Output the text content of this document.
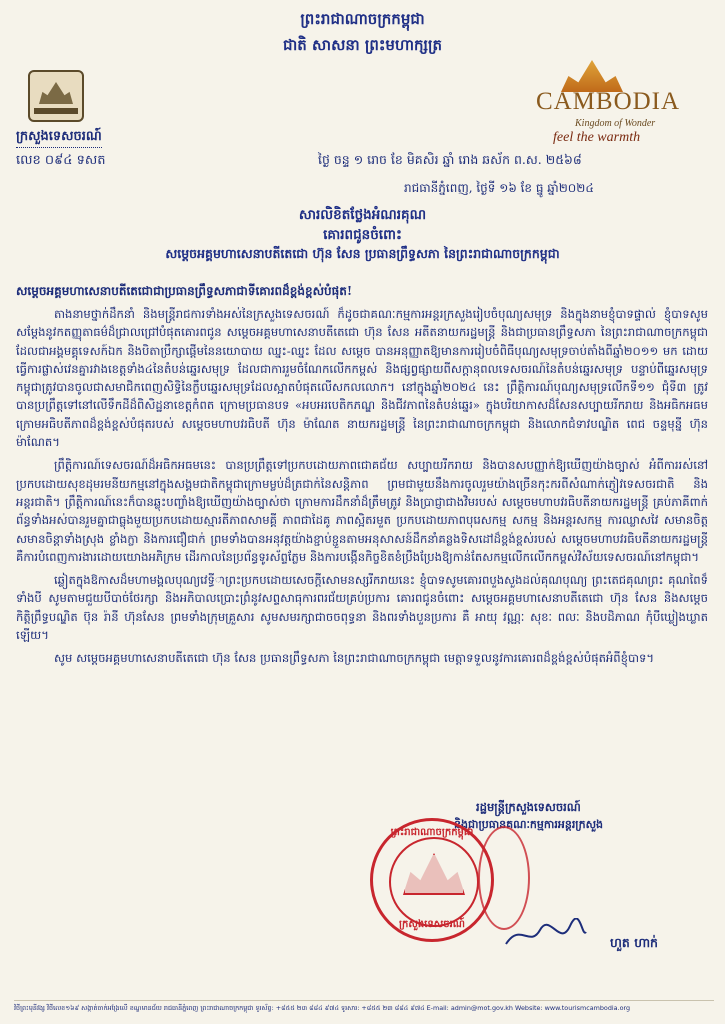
ព្រះរាជាណាចក្រកម្ពុជា
ជាតិ សាសនា ព្រះមហាក្សត្រ
CAMBODIA
Kingdom of Wonder
feel the warmth
ក្រសួងទេសចរណ៍
លេខ ០៩៤ ទសត	ថ្ងៃ ចន្ទ ១ រោច ខែ មិគសិរ ឆ្នាំ រោង ឆស័ក ព.ស. ២៥៦៨
រាជធានីភ្នំពេញ, ថ្ងៃទី ១៦ ខែ ធ្នូ ឆ្នាំ២០២៤
សារលិខិតថ្លែងអំណរគុណ
គោរពជូនចំពោះ
សម្តេចអគ្គមហាសេនាបតីតេជោ ហ៊ុន សែន ប្រធានព្រឹទ្ធសភា នៃព្រះរាជាណាចក្រកម្ពុជា
សម្តេចអគ្គមហាសេនាបតីតេជោជាប្រធានព្រឹទ្ធសភាជាទីគោរពដ៏ខ្ពង់ខ្ពស់បំផុត!

តាងនាមថ្នាក់ដឹកនាំ និងមន្ត្រីរាជការទាំងអស់នៃក្រសួងទេសចរណ៍ ក៏ដូចជាគណៈកម្មការអន្តរក្រសួងរៀបចំបុណ្យសមុទ្រ និងក្នុងនាមខ្ញុំបាទផ្ទាល់ ខ្ញុំបាទសូមសម្តែងនូវកតញ្ញុតាធម៌ដ៏ជ្រាលជ្រៅបំផុតគោរពជូន សម្តេចអគ្គមហាសេនាបតីតេជោ ហ៊ុន សែន អតីតនាយករដ្ឋមន្ត្រី និងជាប្រធានព្រឹទ្ធសភា នៃព្រះរាជាណាចក្រកម្ពុជា ដែលជាអង្គមគ្គុទេសក៍ឯក និងបិតាប្រឹក្សាផ្តើមនៃនយោបាយ ឈ្នះ-ឈ្នះ ដែល សម្តេច បានអនុញ្ញាតឱ្យមានការរៀបចំពិធីបុណ្យសមុទ្រចាប់តាំងពីឆ្នាំ២០១១ មក ដោយធ្វើការផ្លាស់វេនគ្នារវាងខេត្តទាំង៤នៃតំបន់ឆ្នេរសមុទ្រ ដែលជាការរួមចំណែកលើកកម្ពស់ និងផ្សព្វផ្សាយពីសក្តានុពលទេសចរណ៍នៃតំបន់ឆ្នេរសមុទ្រ បន្ទាប់ពីឆ្នេរសមុទ្រកម្ពុជាត្រូវបានចូលជាសមាជិកពេញសិទ្ធិនៃក្លឹបឆ្នេរសមុទ្រដែលស្អាតបំផុតលើសកលលោក។ នៅក្នុងឆ្នាំ២០២៤ នេះ ព្រឹត្តិការណ៍បុណ្យសមុទ្រលើកទី១១ ជុំទី៣ ត្រូវបានប្រព្រឹត្តទៅនៅលើទឹកដីដ៏ពិសិដ្ឋនាខេត្តកំពត ក្រោមប្រធានបទ «អបអរបេតិកភណ្ឌ និងជីវភាពនៃតំបន់ឆ្នេរ» ក្នុងបរិយាកាសដ៏សែនសប្បាយរីករាយ និងអធិកអធម ក្រោមអធិបតីភាពដ៏ខ្ពង់ខ្ពស់បំផុតរបស់ សម្តេចមហាបវរធិបតី ហ៊ុន ម៉ាណែត នាយករដ្ឋមន្ត្រី នៃព្រះរាជាណាចក្រកម្ពុជា និងលោកជំទាវបណ្ឌិត ពេជ ចន្ទមុន្នី ហ៊ុនម៉ាណែត។

ព្រឹត្តិការណ៍ទេសចរណ៍ដ៏អធិកអធមនេះ បានប្រព្រឹត្តទៅប្រកបដោយភាពជោគជ័យ សប្បាយរីករាយ និងបានសបញ្ញាក់ឱ្យឃើញយ៉ាងច្បាស់ អំពីការរស់នៅប្រកបដោយសុខដុមរមនីយកម្មនៅក្នុងសង្គមជាតិកម្ពុជាក្រោមម្លប់ដ៏ត្រជាក់នៃសន្តិភាព ព្រមជាមួយនឹងការចូលរួមយ៉ាងច្រើនកុះករពីសំណាក់ភ្ញៀវទេសចរជាតិ និងអន្តរជាតិ។ ព្រឹត្តិការណ៍នេះក៏បានឆ្លុះបញ្ចាំងឱ្យឃើញយ៉ាងច្បាស់ថា ក្រោមការដឹកនាំដ៏ត្រឹមត្រូវ និងប្រាជ្ញាជាងវិមរបស់ សម្តេចមហាបវរធិបតីនាយករដ្ឋមន្ត្រី គ្រប់ភាគីពាក់ព័ន្ធទាំងអស់បានរួមគ្នាជាធ្លុងមួយប្រកបដោយស្មារតីភាពសាមគ្គី ភាពជាដៃគូ ភាពស្អិតរមួត ប្រកបដោយភាពបុរេសកម្ម សកម្ម និងអន្តរសកម្ម ការឈ្លាសវៃ សមានចិត្ត សមានចិន្តាទាំងស្រុង ខ្លាំងក្លា និងការជឿជាក់ ព្រមទាំងបានអនុវត្តយ៉ាងខ្ជាប់ខ្ជួនតាមអនុសាសន៍ដឹកនាំគន្លងទិសដៅដ៏ខ្ពង់ខ្ពស់របស់ សម្តេចមហាបវរធិបតីនាយករដ្ឋមន្ត្រី គឺការបំពេញការងារដោយយោងអភិក្រម ដើរកាលនៃប្រព័ន្ធទូរស័ព្ទភ្លែម និងការបង្កើនកិច្ចខិតខំប្រឹងប្រែងឱ្យកាន់តែសកម្មលើកលើកកម្ពស់វិស័យទេសចរណ៍នៅកម្ពុជា។

ឆ្លៀតក្នុងឱកាសដ៏មហាមង្គលបុណ្យវេទី្ធាព្រះប្រកបដោយសេចក្តីសោមនស្សរីករាយនេះ ខ្ញុំបាទសូមគោរពបួងសួងដល់គុណបុណ្យ ព្រះតេជគុណព្រះ គុណពៃទ៏ទាំងបី សូមតាមជួយបីបាច់ថែរក្សា និងអភិបាលប្រោះព្រំនូវសព្ទសាធុការពរជ័យគ្រប់ប្រការ គោរពជូនចំពោះ សម្តេចអគ្គមហាសេនាបតីតេជោ ហ៊ុន សែន និងសម្តេចកិត្តិព្រឹទ្ធបណ្ឌិត ប៊ុន រ៉ានី ហ៊ុនសែន ព្រមទាំងក្រុមគ្រួសារ សូមសមរក្សាជាចចពុទ្ធនា និងពរទាំងបួនប្រការ គឺ អាយុ វណ្ណៈ សុខៈ ពលៈ និងបដិភាណ កុំបីឃ្លៀងឃ្លាតឡើយ។

សូម សម្តេចអគ្គមហាសេនាបតីតេជោ ហ៊ុន សែន ប្រធានព្រឹទ្ធសភា នៃព្រះរាជាណាចក្រកម្ពុជា មេត្តាទទួលនូវការគោរពដ៏ខ្ពង់ខ្ពស់បំផុតអំពីខ្ញុំបាទ។

រដ្ឋមន្ត្រីក្រសួងទេសចរណ៍
និងជាប្រធានគណៈកម្មការអន្តរក្រសួង
ព្រះរាជាណាចក្រកម្ពុជា
ក្រសួងទេសចរណ៍
ហួត ហាក់
វិថីព្រះមុនីវង្ស វិថីលេខ១៦៩ សង្កាត់ចាក់អង្រែលើ ខណ្ឌមានជ័យ រាជធានីភ្នំពេញ ព្រះរាជាណាចក្រកម្ពុជា ទូរស័ព្ទ: +៨៥៥ ២៣ ៨៨៤ ៩៧៤ ទូរសារ: +៨៥៥ ២៣ ៨៨៤ ៩៧៤ E-mail: admin@mot.gov.kh Website: www.tourismcambodia.org
